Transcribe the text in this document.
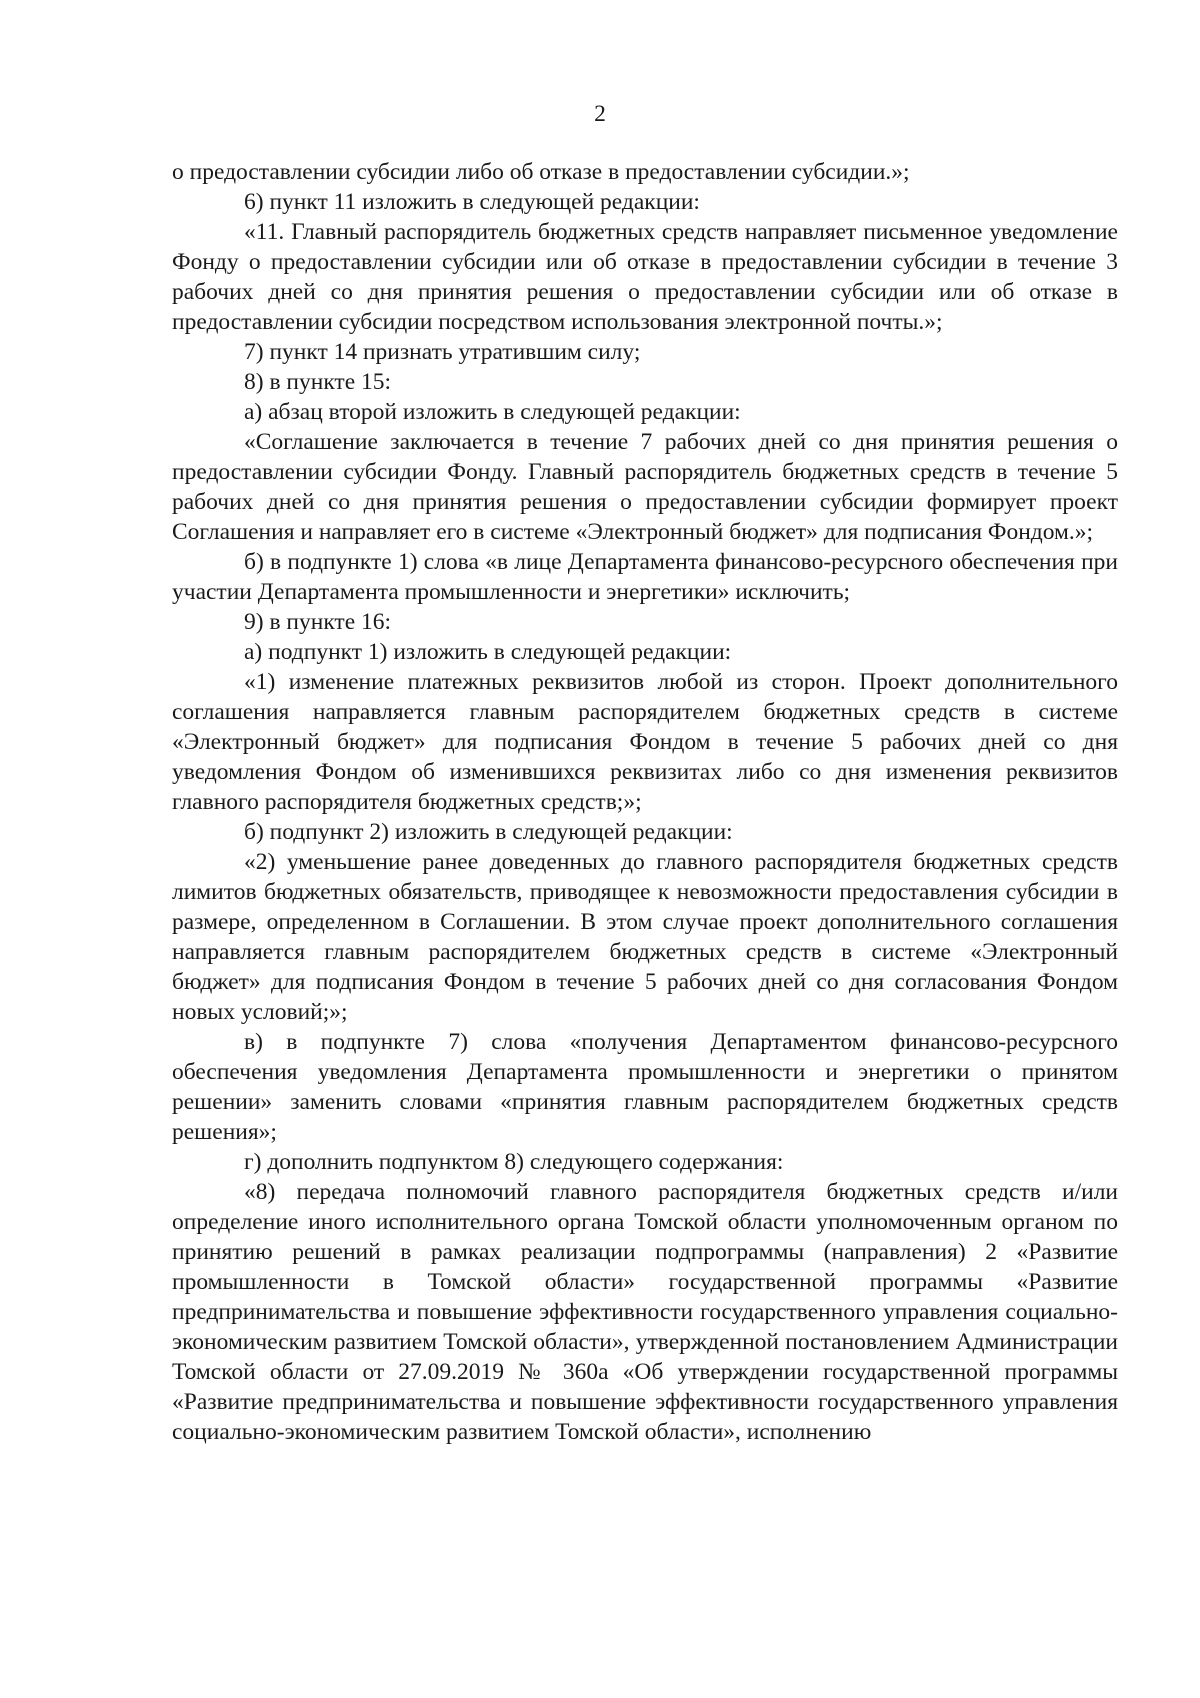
2

о предоставлении субсидии либо об отказе в предоставлении субсидии.»;

6) пункт 11 изложить в следующей редакции:

«11. Главный распорядитель бюджетных средств направляет письменное уведомление Фонду о предоставлении субсидии или об отказе в предоставлении субсидии в течение 3 рабочих дней со дня принятия решения о предоставлении субсидии или об отказе в предоставлении субсидии посредством использования электронной почты.»;

7) пункт 14 признать утратившим силу;

8) в пункте 15:

а) абзац второй изложить в следующей редакции:

«Соглашение заключается в течение 7 рабочих дней со дня принятия решения о предоставлении субсидии Фонду. Главный распорядитель бюджетных средств в течение 5 рабочих дней со дня принятия решения о предоставлении субсидии формирует проект Соглашения и направляет его в системе «Электронный бюджет» для подписания Фондом.»;

б) в подпункте 1) слова «в лице Департамента финансово-ресурсного обеспечения при участии Департамента промышленности и энергетики» исключить;

9) в пункте 16:

а) подпункт 1) изложить в следующей редакции:

«1) изменение платежных реквизитов любой из сторон. Проект дополнительного соглашения направляется главным распорядителем бюджетных средств в системе «Электронный бюджет» для подписания Фондом в течение 5 рабочих дней со дня уведомления Фондом об изменившихся реквизитах либо со дня изменения реквизитов главного распорядителя бюджетных средств;»;

б) подпункт 2) изложить в следующей редакции:

«2) уменьшение ранее доведенных до главного распорядителя бюджетных средств лимитов бюджетных обязательств, приводящее к невозможности предоставления субсидии в размере, определенном в Соглашении. В этом случае проект дополнительного соглашения направляется главным распорядителем бюджетных средств в системе «Электронный бюджет» для подписания Фондом в течение 5 рабочих дней со дня согласования Фондом новых условий;»;

в) в подпункте 7) слова «получения Департаментом финансово-ресурсного обеспечения уведомления Департамента промышленности и энергетики о принятом решении» заменить словами «принятия главным распорядителем бюджетных средств решения»;

г) дополнить подпунктом 8) следующего содержания:

«8) передача полномочий главного распорядителя бюджетных средств и/или определение иного исполнительного органа Томской области уполномоченным органом по принятию решений в рамках реализации подпрограммы (направления) 2 «Развитие промышленности в Томской области» государственной программы «Развитие предпринимательства и повышение эффективности государственного управления социально-экономическим развитием Томской области», утвержденной постановлением Администрации Томской области от 27.09.2019 № 360а «Об утверждении государственной программы «Развитие предпринимательства и повышение эффективности государственного управления социально-экономическим развитием Томской области», исполнению
